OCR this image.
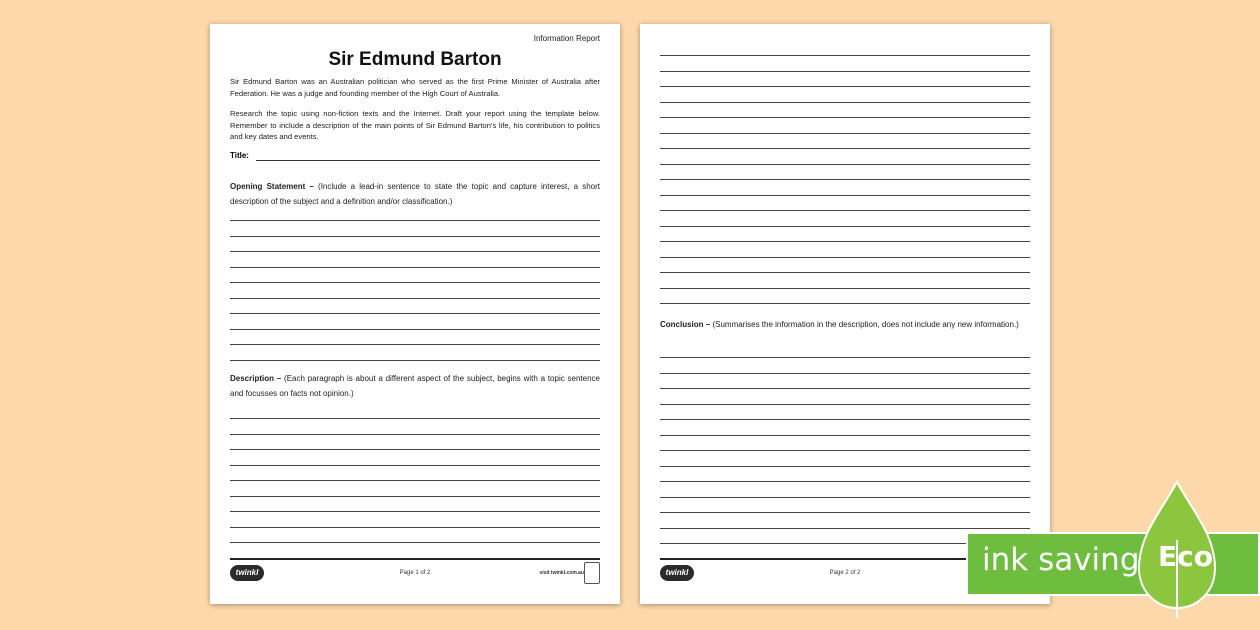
Information Report
Sir Edmund Barton
Sir Edmund Barton was an Australian politician who served as the first Prime Minister of Australia after Federation. He was a judge and founding member of the High Court of Australia.
Research the topic using non-fiction texts and the Internet. Draft your report using the template below. Remember to include a description of the main points of Sir Edmund Barton's life, his contribution to politics and key dates and events.
Title:
Opening Statement – (Include a lead-in sentence to state the topic and capture interest, a short description of the subject and a definition and/or classification.)
Description – (Each paragraph is about a different aspect of the subject, begins with a topic sentence and focusses on facts not opinion.)
twinkl	Page 1 of 2	visit twinkl.com.au
Conclusion – (Summarises the information in the description, does not include any new information.)
twinkl	Page 2 of 2	ink saving Eco
